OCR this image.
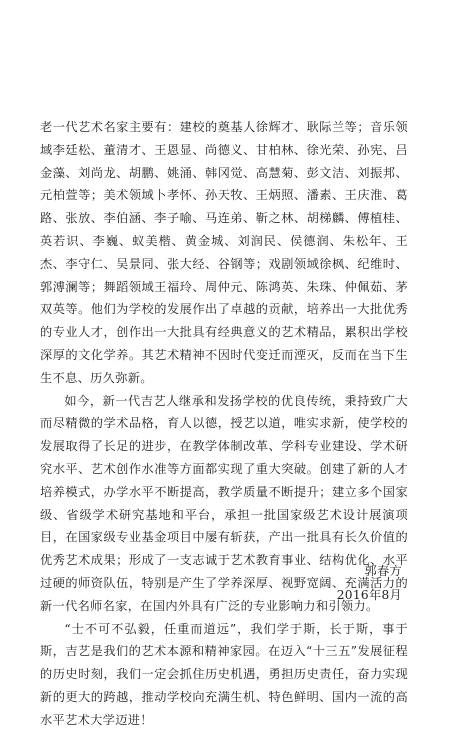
老一代艺术名家主要有：建校的奠基人徐辉才、耿际兰等；音乐领域李廷松、董清才、王恩显、尚德义、甘柏林、徐光荣、孙宪、吕金藻、刘尚龙、胡鹏、姚涌、韩冈觉、高慧菊、彭文洁、刘振邦、元柏萱等；美术领域卜孝怀、孙天牧、王炳照、潘素、王庆淮、葛路、张放、李伯涵、李子喻、马连弟、靳之林、胡梯麟、傅植桂、英若识、李巍、蚁美楷、黄金城、刘润民、侯德润、朱松年、王杰、李守仁、吴景同、张大经、谷钢等；戏剧领域徐枫、纪维时、郭溥澜等；舞蹈领域王福玲、周仲元、陈鸿英、朱珠、仲佩茹、茅双英等。他们为学校的发展作出了卓越的贡献，培养出一大批优秀的专业人才，创作出一大批具有经典意义的艺术精品，累积出学校深厚的文化学养。其艺术精神不因时代变迁而湮灭，反而在当下生生不息、历久弥新。

如今，新一代吉艺人继承和发扬学校的优良传统，秉持致广大而尽精微的学术品格，育人以德，授艺以道，唯实求新，使学校的发展取得了长足的进步，在教学体制改革、学科专业建设、学术研究水平、艺术创作水准等方面都实现了重大突破。创建了新的人才培养模式，办学水平不断提高，教学质量不断提升；建立多个国家级、省级学术研究基地和平台，承担一批国家级艺术设计展演项目，在国家级专业基金项目中屡有斩获，产出一批具有长久价值的优秀艺术成果；形成了一支志诚于艺术教育事业、结构优化、水平过硬的师资队伍，特别是产生了学养深厚、视野宽阔、充满活力的新一代名师名家，在国内外具有广泛的专业影响力和引领力。

“士不可不弘毅，任重而道远”，我们学于斯，长于斯，事于斯，吉艺是我们的艺术本源和精神家园。在迈入“十三五”发展征程的历史时刻，我们一定会抓住历史机遇，勇担历史责任，奋力实现新的更大的跨越，推动学校向充满生机、特色鲜明、国内一流的高水平艺术大学迈进！

郭春方
2016年8月
